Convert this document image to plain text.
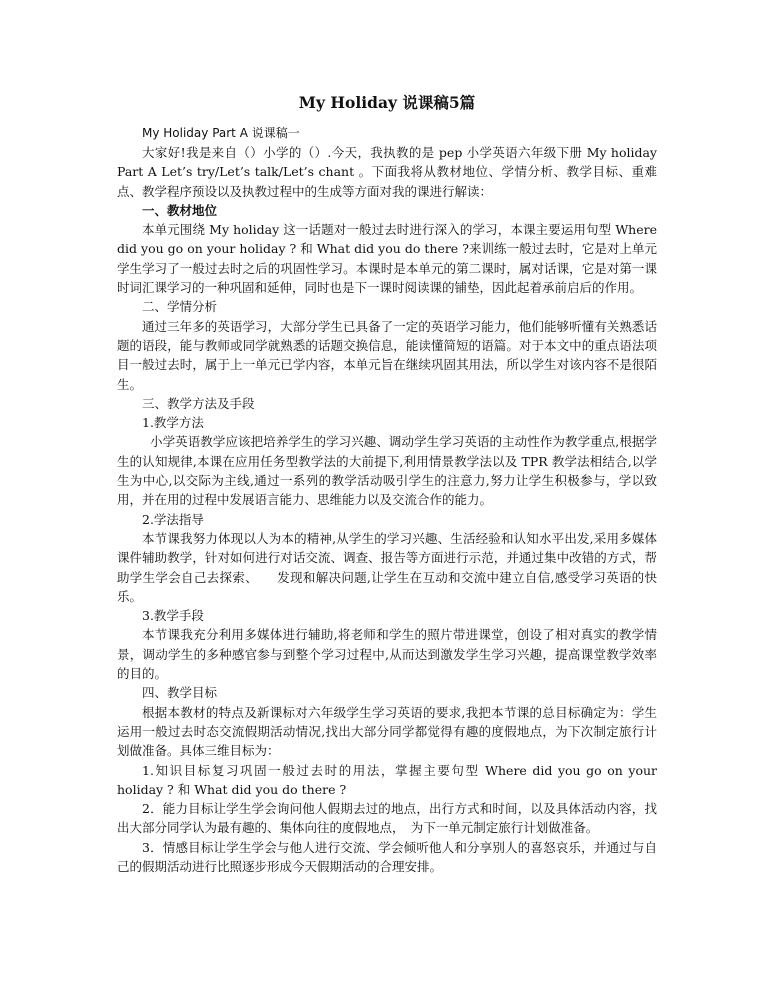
My Holiday 说课稿5篇
My Holiday Part A 说课稿一

大家好!我是来自（）小学的（）.今天，我执教的是 pep 小学英语六年级下册 My holiday Part A Let’s try/Let’s talk/Let’s chant 。下面我将从教材地位、学情分析、教学目标、重难点、教学程序预设以及执教过程中的生成等方面对我的课进行解读：

一、教材地位

本单元围绕 My holiday 这一话题对一般过去时进行深入的学习，本课主要运用句型 Where did you go on your holiday ? 和 What did you do there ?来训练一般过去时，它是对上单元学生学习了一般过去时之后的巩固性学习。本课时是本单元的第二课时，属对话课，它是对第一课时词汇课学习的一种巩固和延伸，同时也是下一课时阅读课的铺垫，因此起着承前启后的作用。

二、学情分析

通过三年多的英语学习，大部分学生已具备了一定的英语学习能力，他们能够听懂有关熟悉话题的语段，能与教师或同学就熟悉的话题交换信息，能读懂简短的语篇。对于本文中的重点语法项目一般过去时，属于上一单元已学内容，本单元旨在继续巩固其用法，所以学生对该内容不是很陌生。

三、教学方法及手段

1.教学方法

小学英语教学应该把培养学生的学习兴趣、调动学生学习英语的主动性作为教学重点,根据学生的认知规律,本课在应用任务型教学法的大前提下,利用情景教学法以及 TPR 教学法相结合,以学生为中心,以交际为主线,通过一系列的教学活动吸引学生的注意力,努力让学生积极参与，学以致用，并在用的过程中发展语言能力、思维能力以及交流合作的能力。

2.学法指导

本节课我努力体现以人为本的精神,从学生的学习兴趣、生活经验和认知水平出发,采用多媒体课件辅助教学，针对如何进行对话交流、调查、报告等方面进行示范，并通过集中改错的方式，帮助学生学会自己去探索、　　发现和解决问题,让学生在互动和交流中建立自信,感受学习英语的快乐。

3.教学手段

本节课我充分利用多媒体进行辅助,将老师和学生的照片带进课堂，创设了相对真实的教学情景，调动学生的多种感官参与到整个学习过程中,从而达到激发学生学习兴趣，提高课堂教学效率的目的。

四、教学目标

根据本教材的特点及新课标对六年级学生学习英语的要求,我把本节课的总目标确定为：学生运用一般过去时态交流假期活动情况,找出大部分同学都觉得有趣的度假地点，为下次制定旅行计划做准备。具体三维目标为：

1.知识目标复习巩固一般过去时的用法，掌握主要句型 Where did you go on your holiday ? 和 What did you do there ?

2．能力目标让学生学会询问他人假期去过的地点，出行方式和时间，以及具体活动内容，找出大部分同学认为最有趣的、集体向往的度假地点，　为下一单元制定旅行计划做准备。

3．情感目标让学生学会与他人进行交流、学会倾听他人和分享别人的喜怒哀乐，并通过与自己的假期活动进行比照逐步形成今天假期活动的合理安排。
